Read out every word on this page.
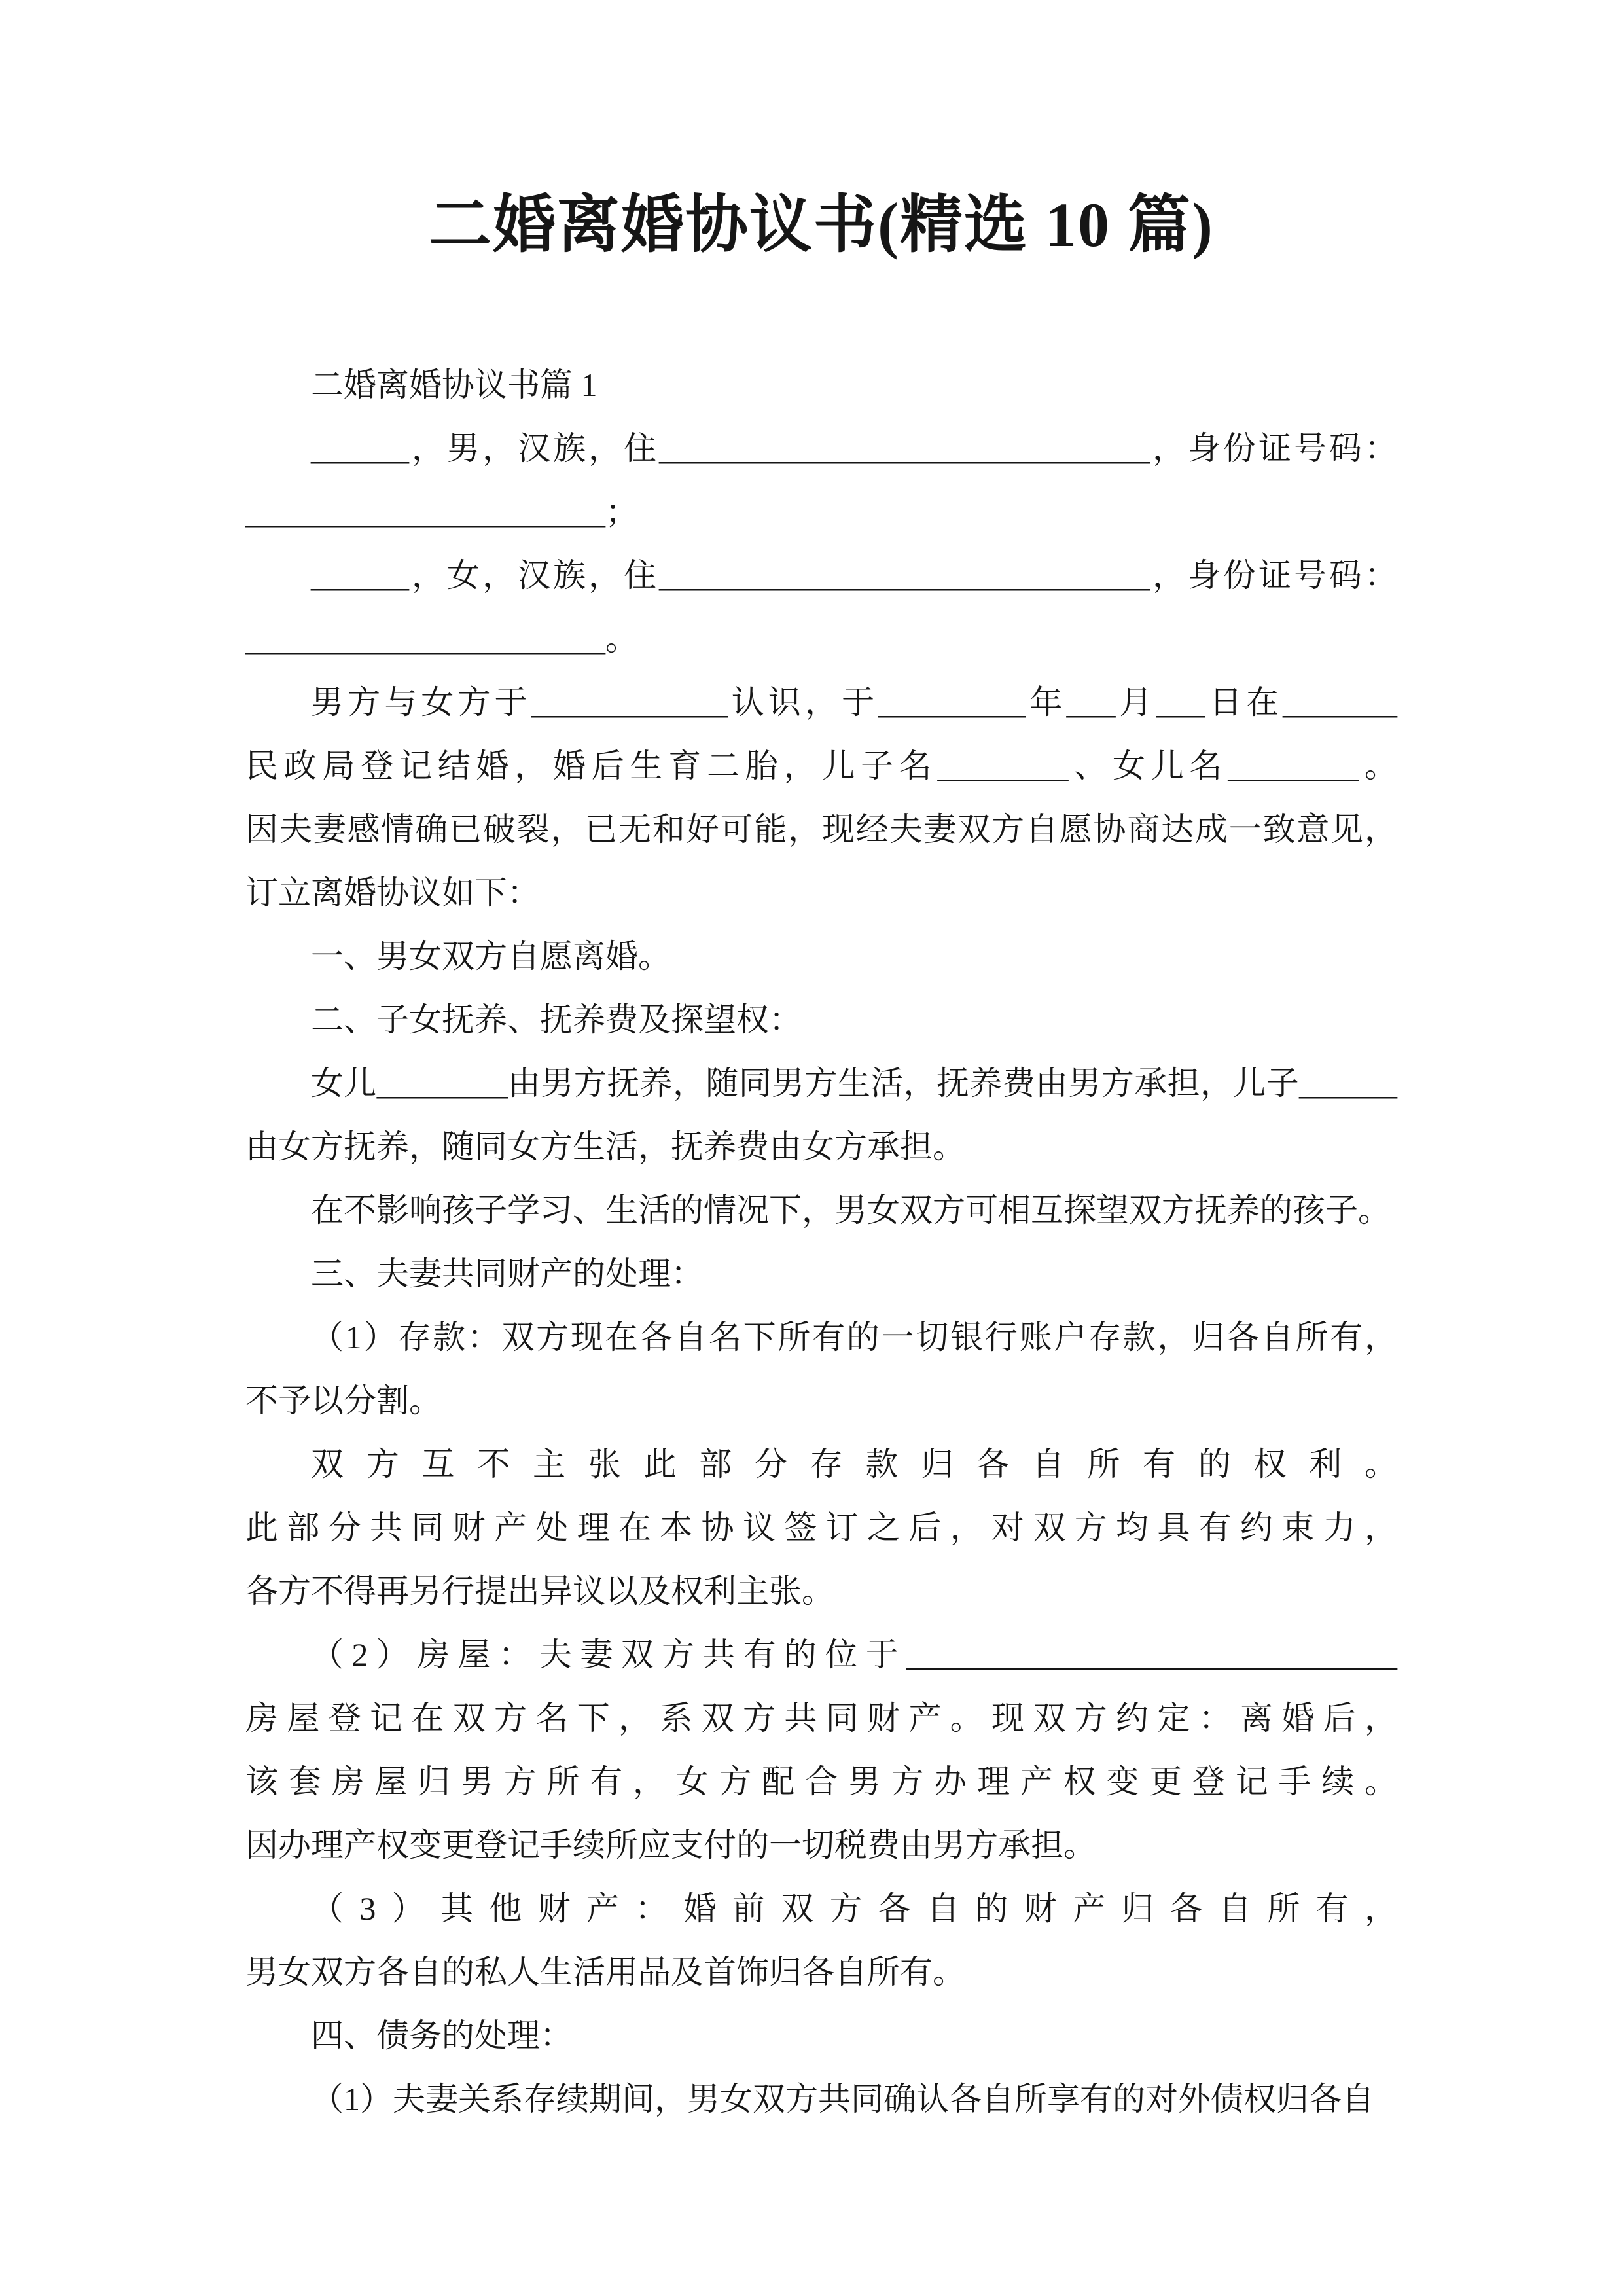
二婚离婚协议书(精选 10 篇)

二婚离婚协议书篇 1

______，男，汉族，住______________________________，身份证号码：______________________；

______，女，汉族，住______________________________，身份证号码：______________________。

男方与女方于____________认识，于_________年___月___日在_______民政局登记结婚，婚后生育二胎，儿子名________、女儿名________。因夫妻感情确已破裂，已无和好可能，现经夫妻双方自愿协商达成一致意见，订立离婚协议如下：

一、男女双方自愿离婚。

二、子女抚养、抚养费及探望权：

女儿________由男方抚养，随同男方生活，抚养费由男方承担，儿子______由女方抚养，随同女方生活，抚养费由女方承担。

在不影响孩子学习、生活的情况下，男女双方可相互探望双方抚养的孩子。

三、夫妻共同财产的处理：

（1）存款：双方现在各自名下所有的一切银行账户存款，归各自所有，不予以分割。

双方互不主张此部分存款归各自所有的权利。此部分共同财产处理在本协议签订之后，对双方均具有约束力，各方不得再另行提出异议以及权利主张。

（2）房屋：夫妻双方共有的位于______________________________房屋登记在双方名下，系双方共同财产。现双方约定：离婚后，该套房屋归男方所有，女方配合男方办理产权变更登记手续。因办理产权变更登记手续所应支付的一切税费由男方承担。

（3）其他财产：婚前双方各自的财产归各自所有，男女双方各自的私人生活用品及首饰归各自所有。

四、债务的处理：

（1）夫妻关系存续期间，男女双方共同确认各自所享有的对外债权归各自
